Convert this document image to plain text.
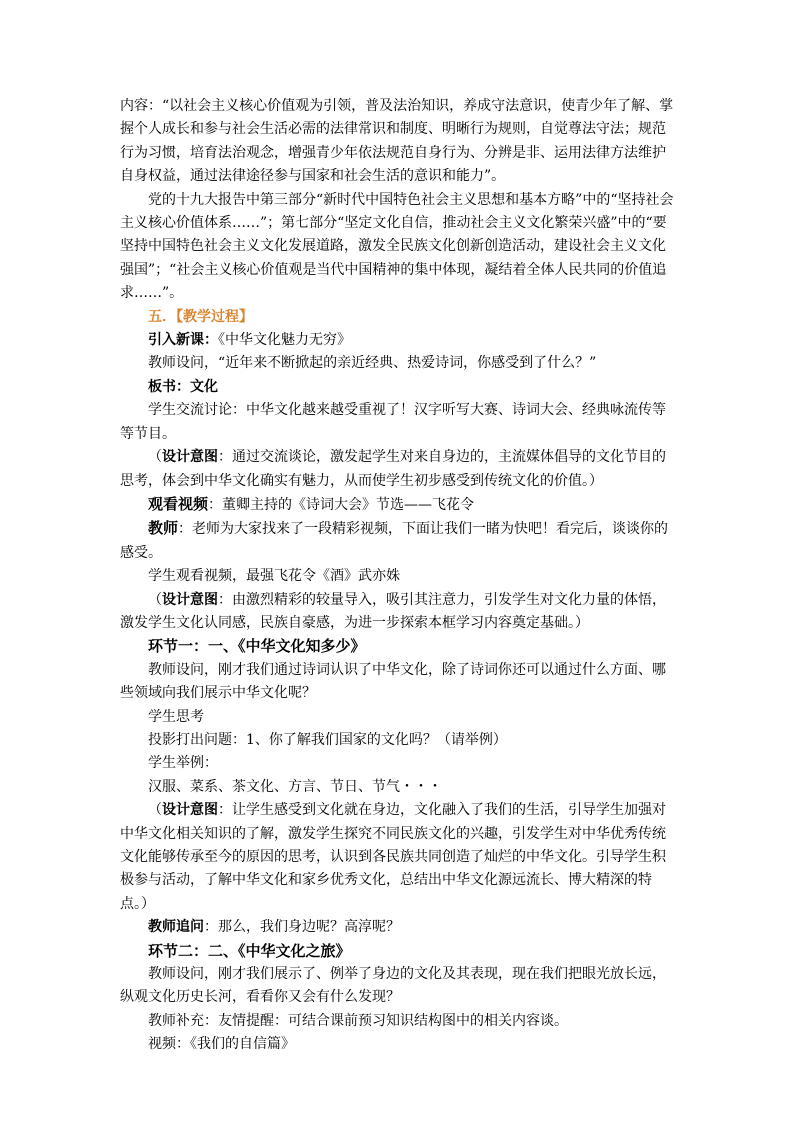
内容：“以社会主义核心价值观为引领，普及法治知识，养成守法意识，使青少年了解、掌握个人成长和参与社会生活必需的法律常识和制度、明晰行为规则，自觉尊法守法；规范行为习惯，培育法治观念，增强青少年依法规范自身行为、分辨是非、运用法律方法维护自身权益，通过法律途径参与国家和社会生活的意识和能力”。

党的十九大报告中第三部分“新时代中国特色社会主义思想和基本方略”中的“坚持社会主义核心价值体系……”；第七部分“坚定文化自信，推动社会主义文化繁荣兴盛”中的“要坚持中国特色社会主义文化发展道路，激发全民族文化创新创造活动，建设社会主义文化强国”；“社会主义核心价值观是当代中国精神的集中体现，凝结着全体人民共同的价值追求……”。

五．【教学过程】

引入新课：《中华文化魅力无穷》

教师设问，“近年来不断掀起的亲近经典、热爱诗词，你感受到了什么？”

板书：文化

学生交流讨论：中华文化越来越受重视了！汉字听写大赛、诗词大会、经典咏流传等等节目。

（设计意图：通过交流谈论，激发起学生对来自身边的，主流媒体倡导的文化节目的思考，体会到中华文化确实有魅力，从而使学生初步感受到传统文化的价值。）

观看视频：董卿主持的《诗词大会》节选——飞花令

教师：老师为大家找来了一段精彩视频，下面让我们一睹为快吧！看完后，谈谈你的感受。

学生观看视频，最强飞花令《酒》武亦姝

（设计意图：由激烈精彩的较量导入，吸引其注意力，引发学生对文化力量的体悟，激发学生文化认同感，民族自豪感，为进一步探索本框学习内容奠定基础。）

环节一：一、《中华文化知多少》

教师设问，刚才我们通过诗词认识了中华文化，除了诗词你还可以通过什么方面、哪些领域向我们展示中华文化呢？

学生思考

投影打出问题：1、你了解我们国家的文化吗？（请举例）

学生举例：

汉服、菜系、茶文化、方言、节日、节气・・・

（设计意图：让学生感受到文化就在身边，文化融入了我们的生活，引导学生加强对中华文化相关知识的了解，激发学生探究不同民族文化的兴趣，引发学生对中华优秀传统文化能够传承至今的原因的思考，认识到各民族共同创造了灿烂的中华文化。引导学生积极参与活动，了解中华文化和家乡优秀文化，总结出中华文化源远流长、博大精深的特点。）

教师追问：那么，我们身边呢？高淳呢？

环节二：二、《中华文化之旅》

教师设问，刚才我们展示了、例举了身边的文化及其表现，现在我们把眼光放长远，纵观文化历史长河，看看你又会有什么发现？

教师补充：友情提醒：可结合课前预习知识结构图中的相关内容谈。

视频：《我们的自信篇》
